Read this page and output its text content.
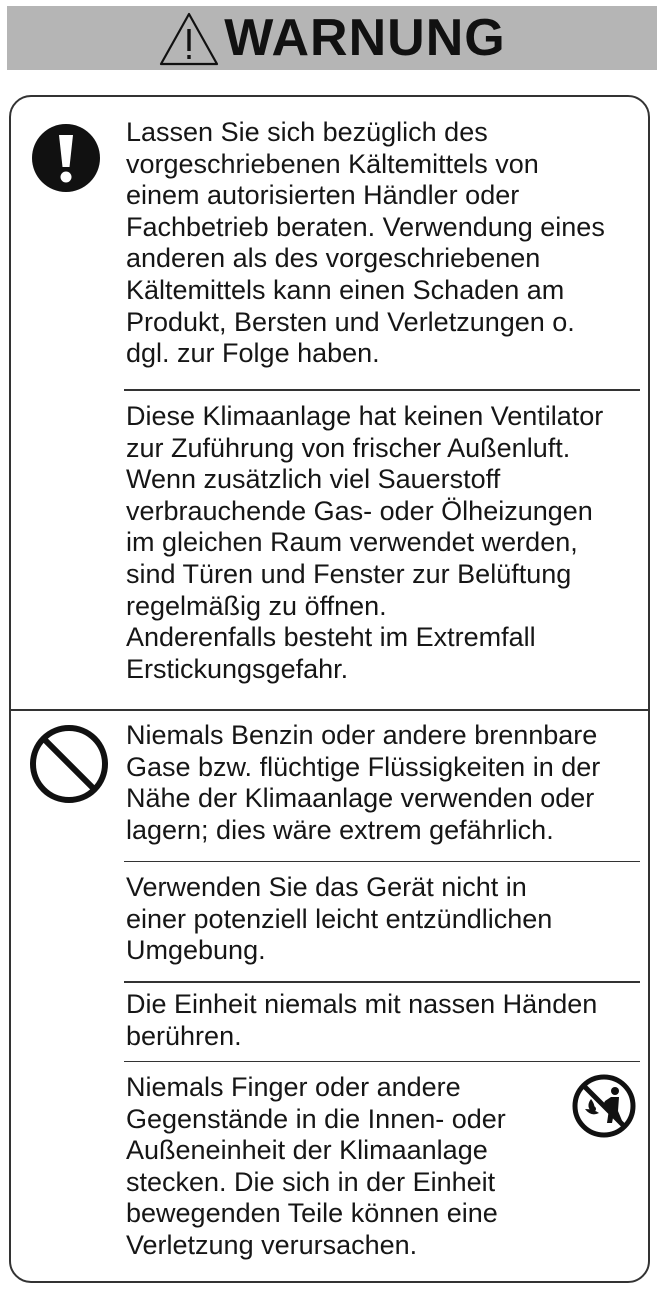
WARNUNG

Lassen Sie sich bezüglich des
vorgeschriebenen Kältemittels von
einem autorisierten Händler oder
Fachbetrieb beraten. Verwendung eines
anderen als des vorgeschriebenen
Kältemittels kann einen Schaden am
Produkt, Bersten und Verletzungen o.
dgl. zur Folge haben.

Diese Klimaanlage hat keinen Ventilator
zur Zuführung von frischer Außenluft.
Wenn zusätzlich viel Sauerstoff
verbrauchende Gas- oder Ölheizungen
im gleichen Raum verwendet werden,
sind Türen und Fenster zur Belüftung
regelmäßig zu öffnen.
Anderenfalls besteht im Extremfall
Erstickungsgefahr.

Niemals Benzin oder andere brennbare
Gase bzw. flüchtige Flüssigkeiten in der
Nähe der Klimaanlage verwenden oder
lagern; dies wäre extrem gefährlich.

Verwenden Sie das Gerät nicht in
einer potenziell leicht entzündlichen
Umgebung.

Die Einheit niemals mit nassen Händen
berühren.

Niemals Finger oder andere
Gegenstände in die Innen- oder
Außeneinheit der Klimaanlage
stecken. Die sich in der Einheit
bewegenden Teile können eine
Verletzung verursachen.
